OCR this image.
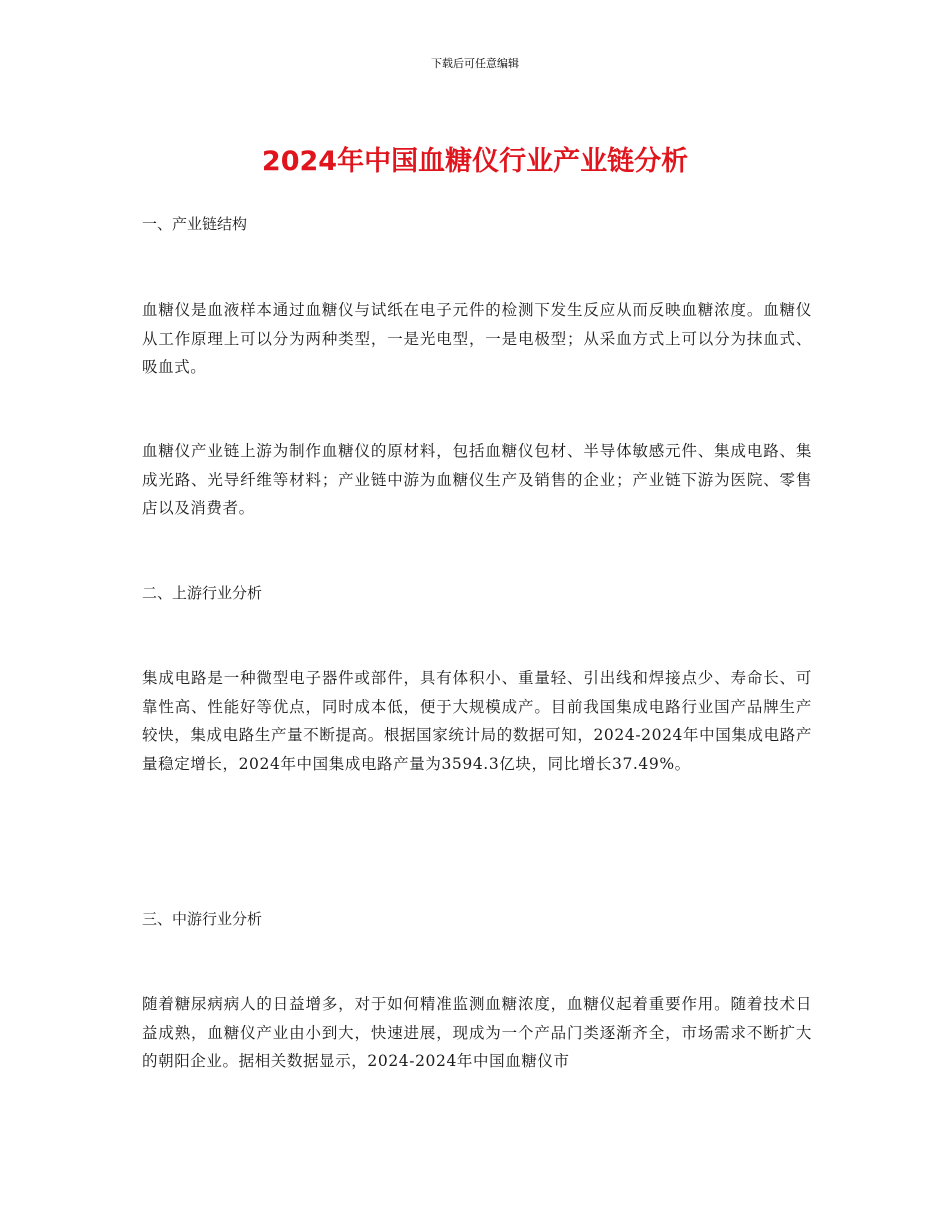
下载后可任意编辑
2024年中国血糖仪行业产业链分析
一、产业链结构

血糖仪是血液样本通过血糖仪与试纸在电子元件的检测下发生反应从而反映血糖浓度。血糖仪从工作原理上可以分为两种类型，一是光电型，一是电极型；从采血方式上可以分为抹血式、吸血式。

血糖仪产业链上游为制作血糖仪的原材料，包括血糖仪包材、半导体敏感元件、集成电路、集成光路、光导纤维等材料；产业链中游为血糖仪生产及销售的企业；产业链下游为医院、零售店以及消费者。

二、上游行业分析

集成电路是一种微型电子器件或部件，具有体积小、重量轻、引出线和焊接点少、寿命长、可靠性高、性能好等优点，同时成本低，便于大规模成产。目前我国集成电路行业国产品牌生产较快，集成电路生产量不断提高。根据国家统计局的数据可知，2024-2024年中国集成电路产量稳定增长，2024年中国集成电路产量为3594.3亿块，同比增长37.49%。

三、中游行业分析

随着糖尿病病人的日益增多，对于如何精准监测血糖浓度，血糖仪起着重要作用。随着技术日益成熟，血糖仪产业由小到大，快速进展，现成为一个产品门类逐渐齐全，市场需求不断扩大的朝阳企业。据相关数据显示，2024-2024年中国血糖仪市
